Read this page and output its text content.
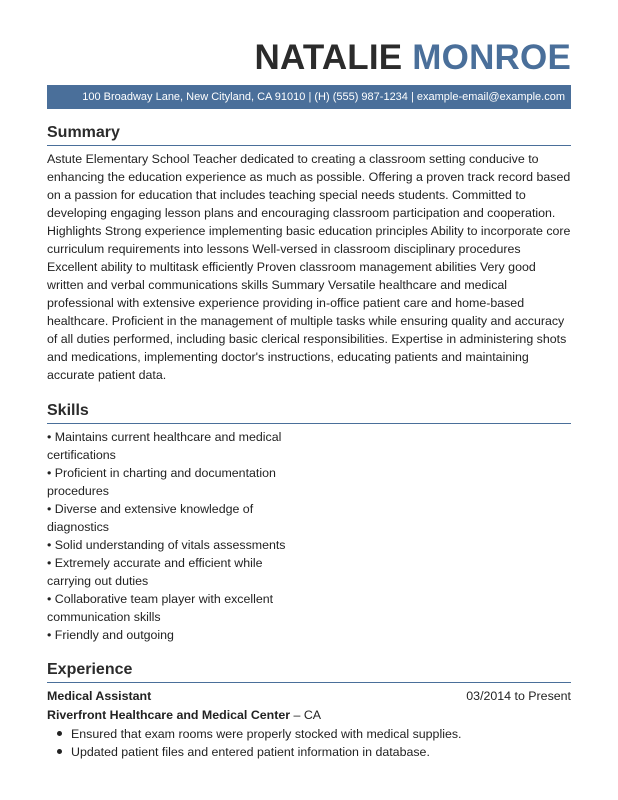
NATALIE MONROE
100 Broadway Lane, New Cityland, CA 91010 | (H) (555) 987-1234 | example-email@example.com
Summary
Astute Elementary School Teacher dedicated to creating a classroom setting conducive to enhancing the education experience as much as possible. Offering a proven track record based on a passion for education that includes teaching special needs students. Committed to developing engaging lesson plans and encouraging classroom participation and cooperation. Highlights Strong experience implementing basic education principles Ability to incorporate core curriculum requirements into lessons Well-versed in classroom disciplinary procedures Excellent ability to multitask efficiently Proven classroom management abilities Very good written and verbal communications skills Summary Versatile healthcare and medical professional with extensive experience providing in-office patient care and home-based healthcare. Proficient in the management of multiple tasks while ensuring quality and accuracy of all duties performed, including basic clerical responsibilities. Expertise in administering shots and medications, implementing doctor's instructions, educating patients and maintaining accurate patient data.
Skills
• Maintains current healthcare and medical certifications
• Proficient in charting and documentation procedures
• Diverse and extensive knowledge of diagnostics
• Solid understanding of vitals assessments
• Extremely accurate and efficient while carrying out duties
• Collaborative team player with excellent communication skills
• Friendly and outgoing
Experience
Medical Assistant	03/2014 to Present
Riverfront Healthcare and Medical Center – CA
Ensured that exam rooms were properly stocked with medical supplies.
Updated patient files and entered patient information in database.
